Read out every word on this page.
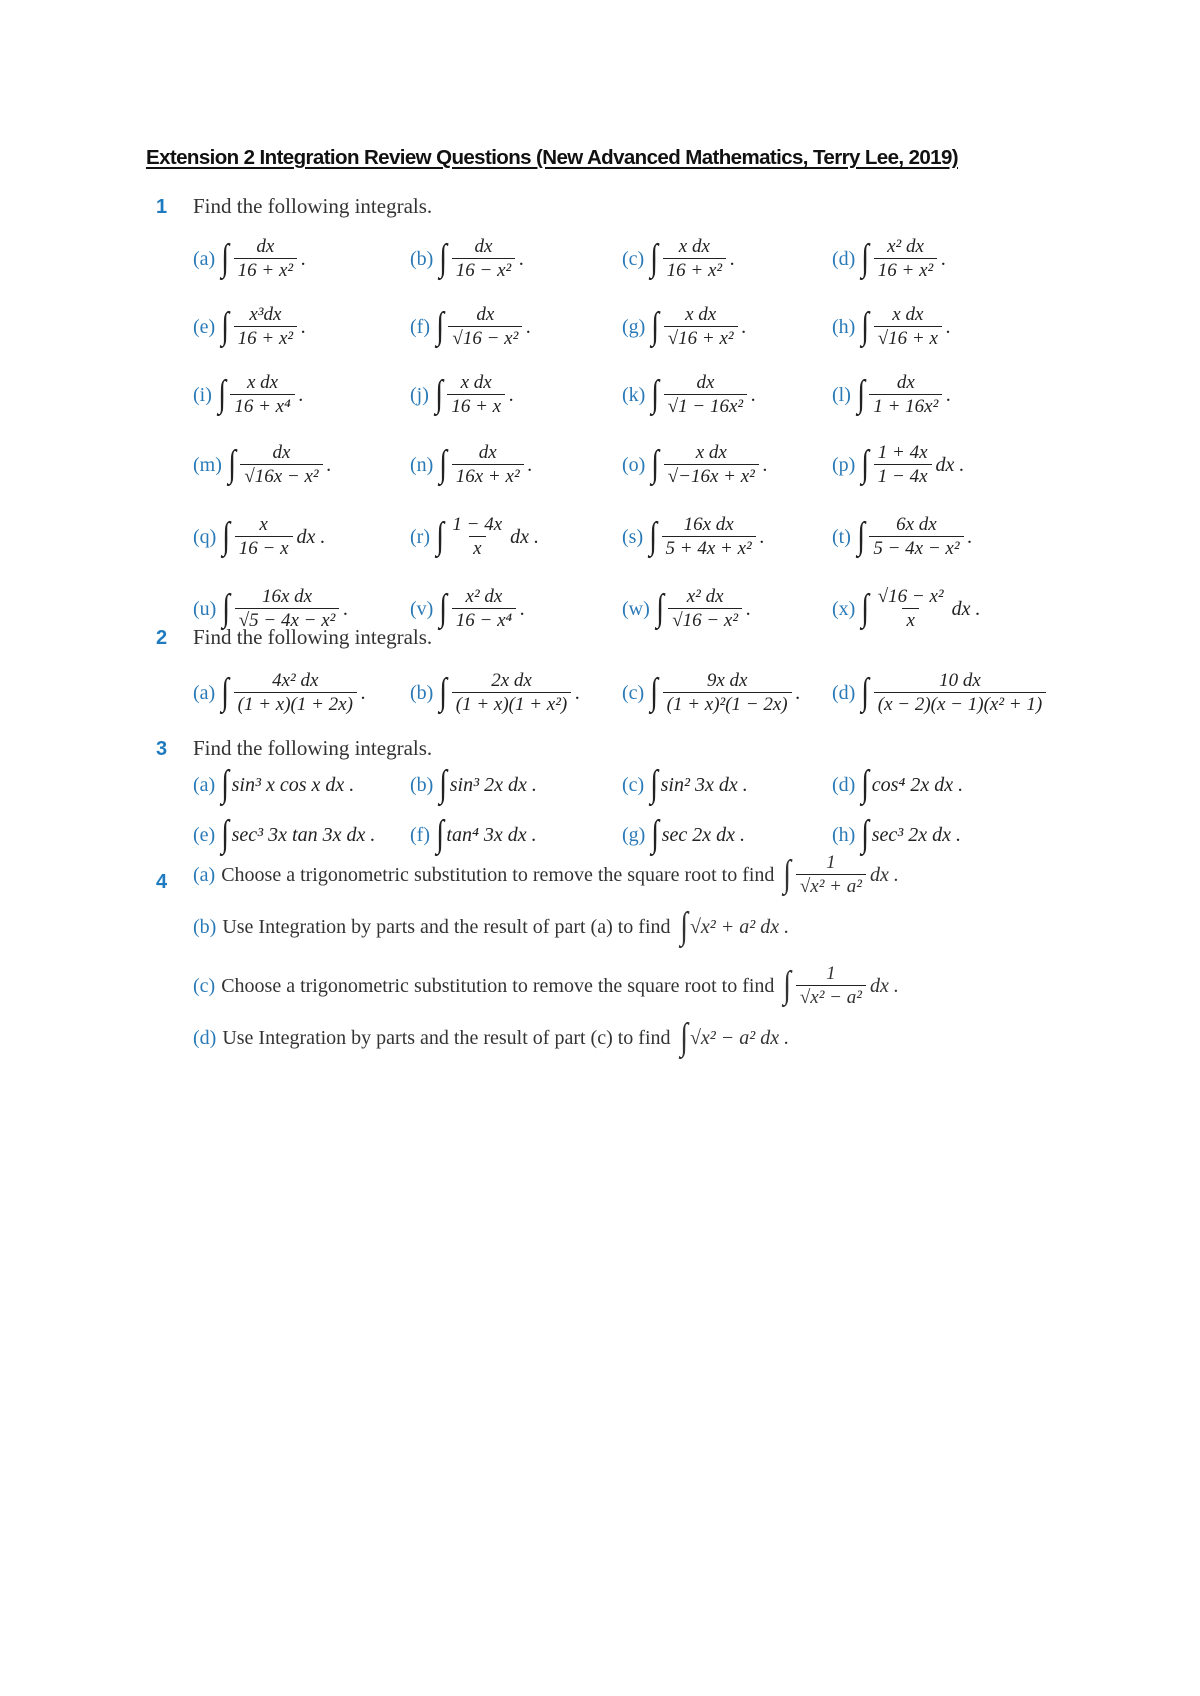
Extension 2 Integration Review Questions (New Advanced Mathematics, Terry Lee, 2019)
1 Find the following integrals.
(a) ∫ $\frac{dx}{\text{16 + x²}}$ .	(b) ∫ $\frac{dx}{\text{16 − x²}}$ .	(c) ∫ $\frac{\text{x dx}}{\text{16 + x²}}$ .	(d) ∫ $\frac{\text{x² dx}}{\text{16 + x²}}$ .
(e) ∫ $\frac{\text{x³dx}}{\text{16 + x²}}$ .	(f) ∫ $\frac{dx}{\text{√16 − x²}}$ .	(g) ∫ $\frac{\text{x dx}}{\text{√16 + x²}}$ .	(h) ∫ $\frac{\text{x dx}}{√16 + x}$ .
(i) ∫ $\frac{\text{x dx}}{\text{16 + x⁴}}$ .	(j) ∫ $\frac{\text{x dx}}{16 + x}$ .	(k) ∫ $\frac{dx}{\text{√1 − 16x²}}$ .	(l) ∫ $\frac{dx}{\text{1 + 16x²}}$ .
(m) ∫ $\frac{dx}{\text{√16x − x²}}$ .	(n) ∫ $\frac{dx}{\text{16x + x²}}$ .	(o) ∫ $\frac{\text{x dx}}{\text{√−16x + x²}}$ .	(p) ∫ $\frac{1 + 4x}{1 - 4x}$ dx .
(q) ∫ $\frac{x}{16 - x}$ dx .	(r) ∫ $\frac{1 - 4x}{x}$ dx .	(s) ∫ $\frac{\text{16x dx}}{\text{5 + 4x + x²}}$ .	(t) ∫ $\frac{\text{6x dx}}{\text{5 − 4x − x²}}$ .
(u) ∫ $\frac{\text{16x dx}}{\text{√5 − 4x − x²}}$ .	(v) ∫ $\frac{\text{x² dx}}{\text{16 − x⁴}}$ .	(w) ∫ $\frac{\text{x² dx}}{\text{√16 − x²}}$ .	(x) ∫ $\frac{\text{√16 − x²}}{x}$ dx .
2 Find the following integrals.
(a) ∫ $\frac{\text{4x² dx}}{(1 + x)(1 + 2x)}$ . (b) ∫ $\frac{\text{2x dx}}{\text{(1 + x)(1 + x²)}}$ . (c) ∫ $\frac{\text{9x dx}}{\text{(1 + x)²(1 − 2x)}}$ . (d) ∫ $\frac{10 dx}{\text{(x − 2)(x − 1)(x² + 1)}}$
3 Find the following integrals.
(a) ∫ sin³ x cos x dx .	(b) ∫ sin³ 2x dx .	(c) ∫ sin² 3x dx .	(d) ∫ cos⁴ 2x dx .
(e) ∫ sec³ 3x tan 3x dx . (f) ∫ tan⁴ 3x dx .	(g) ∫ sec 2x dx .	(h) ∫ sec³ 2x dx .
4 (a) Choose a trigonometric substitution to remove the square root to find ∫ $\frac{1}{\text{√x² + a²}}$ dx .
(b) Use Integration by parts and the result of part (a) to find ∫ √x² + a² dx .
(c) Choose a trigonometric substitution to remove the square root to find ∫ $\frac{1}{\text{√x² − a²}}$ dx .
(d) Use Integration by parts and the result of part (c) to find ∫ √x² − a² dx .
